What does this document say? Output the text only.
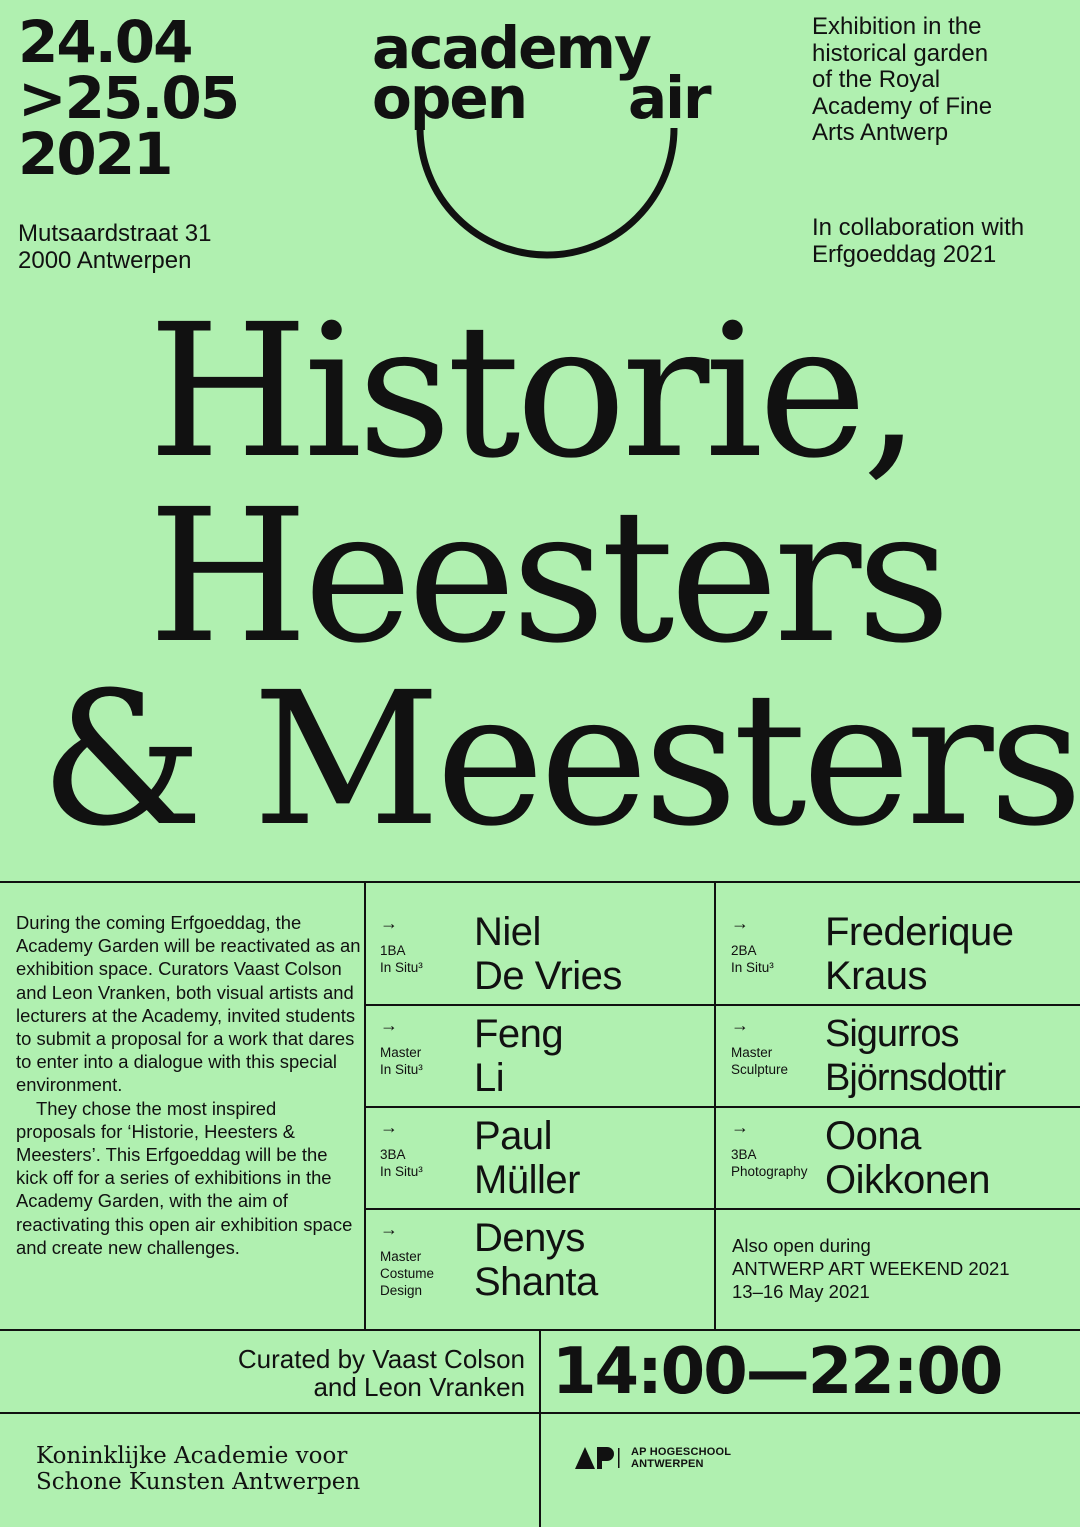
24.04
>25.05
2021
Mutsaardstraat 31
2000 Antwerpen
academy
open air
Exhibition in the
historical garden
of the Royal
Academy of Fine
Arts Antwerp
In collaboration with
Erfgoeddag 2021
Historie,
Heesters
& Meesters

During the coming Erfgoeddag, the Academy Garden will be reactivated as an exhibition space. Curators Vaast Colson and Leon Vranken, both visual artists and lecturers at the Academy, invited students to submit a proposal for a work that dares to enter into a dialogue with this special environment.

They chose the most inspired proposals for ‘Historie, Heesters & Meesters’. This Erfgoeddag will be the kick off for a series of exhibitions in the Academy Garden, with the aim of reactivating this open air exhibition space and create new challenges.

→
1BA
In Situ³
Niel
De Vries
→
Master
In Situ³
Feng
Li
→
3BA
In Situ³
Paul
Müller
→
Master
Costume
Design
Denys
Shanta
→
2BA
In Situ³
Frederique
Kraus
→
Master
Sculpture
Sigurros
Björnsdottir
→
3BA
Photography
Oona
Oikkonen
Also open during
ANTWERP ART WEEKEND 2021
13–16 May 2021
Curated by Vaast Colson
and Leon Vranken 14:00—22:00
Koninklijke Academie voor
Schone Kunsten Antwerpen
AP HOGESCHOOL
ANTWERPEN
